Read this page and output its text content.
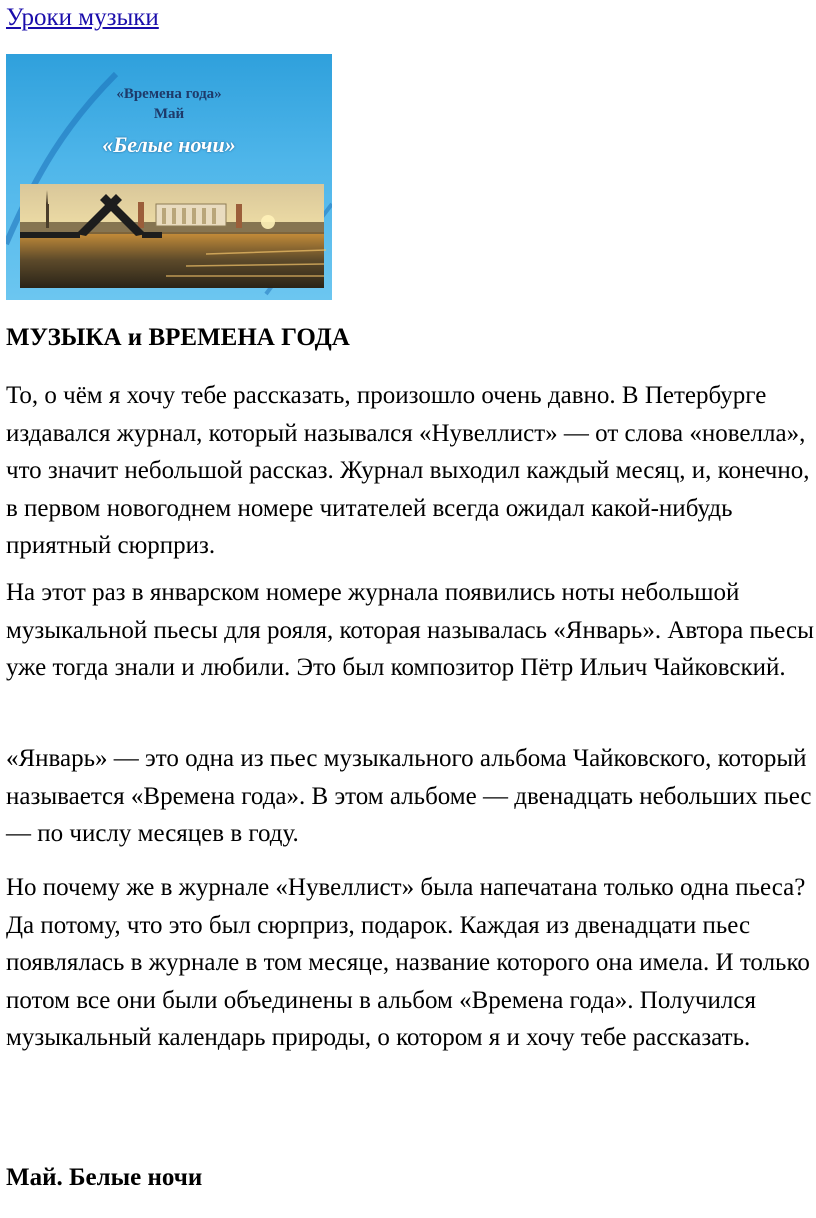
Уроки музыки
«Времена года»
Май
«Белые ночи»
МУЗЫКА и ВРЕМЕНА ГОДА

То, о чём я хочу тебе рассказать, произошло очень давно. В Петербурге издавался журнал, который назывался «Нувеллист» — от слова «новелла», что значит небольшой рассказ. Журнал выходил каждый месяц, и, конечно, в первом новогоднем номере читателей всегда ожидал какой-нибудь приятный сюрприз.

На этот раз в январском номере журнала появились ноты небольшой музыкальной пьесы для рояля, которая называлась «Январь». Автора пьесы уже тогда знали и любили. Это был композитор Пётр Ильич Чайковский.

«Январь» — это одна из пьес музыкального альбома Чайковского, который называется «Времена года». В этом альбоме — двенадцать небольших пьес — по числу месяцев в году.

Но почему же в журнале «Нувеллист» была напечатана только одна пьеса? Да потому, что это был сюрприз, подарок. Каждая из двенадцати пьес появлялась в журнале в том месяце, название которого она имела. И только потом все они были объединены в альбом «Времена года». Получился музыкальный календарь природы, о котором я и хочу тебе рассказать.

Май. Белые ночи
